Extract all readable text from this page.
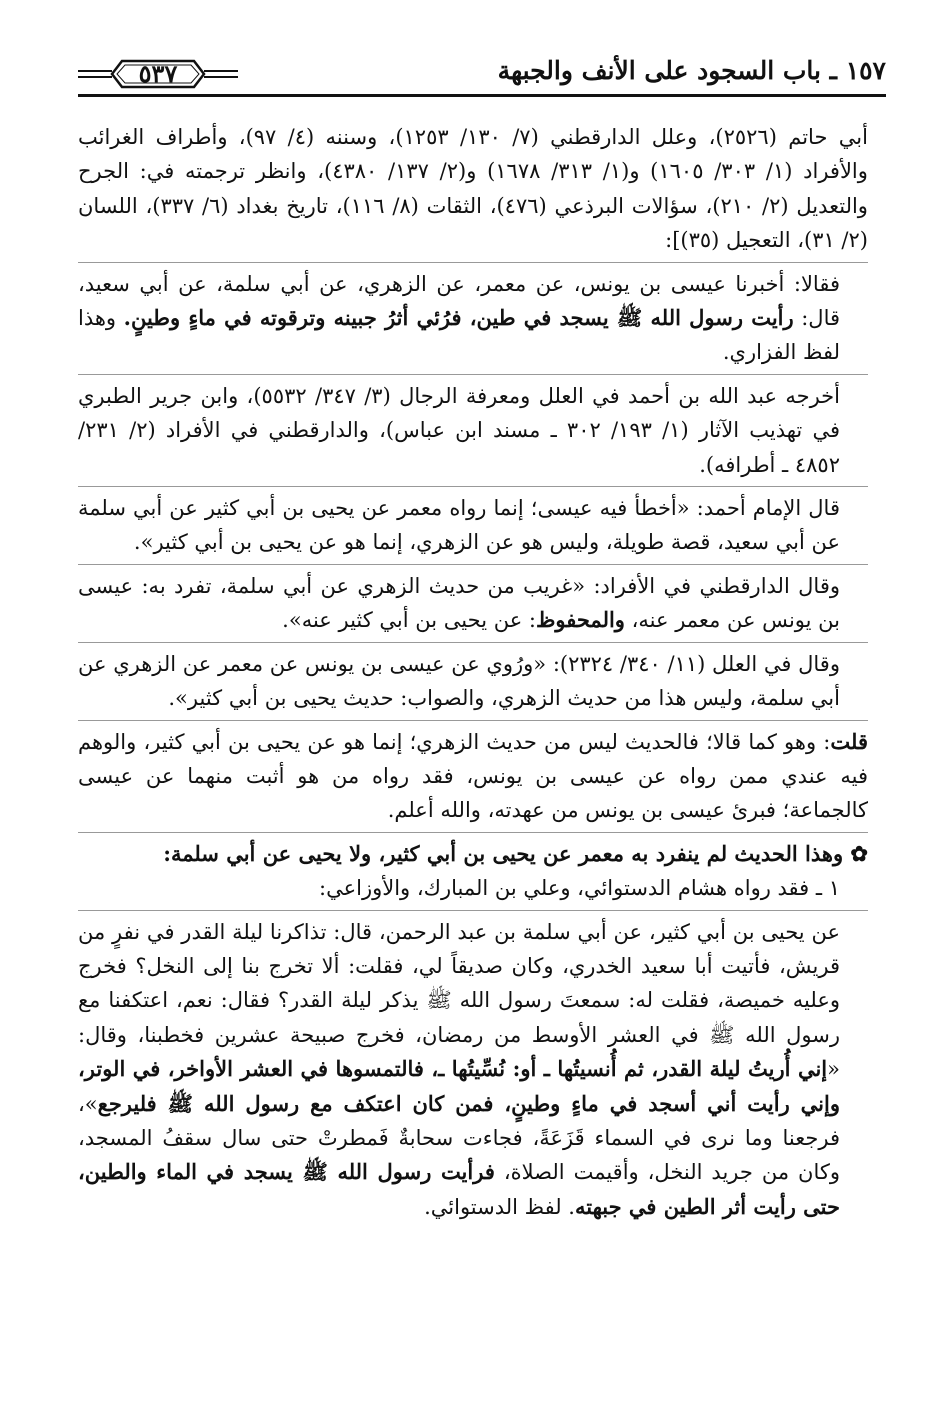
١٥٧ ـ باب السجود على الأنف والجبهة
٥٣٧

أبي حاتم (٢٥٢٦)، وعلل الدارقطني (٧/ ١٣٠/ ١٢٥٣)، وسننه (٤/ ٩٧)، وأطراف الغرائب والأفراد (١/ ٣٠٣/ ١٦٠٥) و(١/ ٣١٣/ ١٦٧٨) و(٢/ ١٣٧/ ٤٣٨٠)، وانظر ترجمته في: الجرح والتعديل (٢/ ٢١٠)، سؤالات البرذعي (٤٧٦)، الثقات (٨/ ١١٦)، تاريخ بغداد (٦/ ٣٣٧)، اللسان (٢/ ٣١)، التعجيل (٣٥)]:

فقالا: أخبرنا عيسى بن يونس، عن معمر، عن الزهري، عن أبي سلمة، عن أبي سعيد، قال: رأيت رسول الله ﷺ يسجد في طين، فرُئي أثرُ جبينه وترقوته في ماءٍ وطينٍ. وهذا لفظ الفزاري.

أخرجه عبد الله بن أحمد في العلل ومعرفة الرجال (٣/ ٣٤٧/ ٥٥٣٢)، وابن جرير الطبري في تهذيب الآثار (١/ ١٩٣/ ٣٠٢ ـ مسند ابن عباس)، والدارقطني في الأفراد (٢/ ٢٣١/ ٤٨٥٢ ـ أطرافه).

قال الإمام أحمد: «أخطأ فيه عيسى؛ إنما رواه معمر عن يحيى بن أبي كثير عن أبي سلمة عن أبي سعيد، قصة طويلة، وليس هو عن الزهري، إنما هو عن يحيى بن أبي كثير».

وقال الدارقطني في الأفراد: «غريب من حديث الزهري عن أبي سلمة، تفرد به: عيسى بن يونس عن معمر عنه، والمحفوظ: عن يحيى بن أبي كثير عنه».

وقال في العلل (١١/ ٣٤٠/ ٢٣٢٤): «ورُوي عن عيسى بن يونس عن معمر عن الزهري عن أبي سلمة، وليس هذا من حديث الزهري، والصواب: حديث يحيى بن أبي كثير».

قلت: وهو كما قالا؛ فالحديث ليس من حديث الزهري؛ إنما هو عن يحيى بن أبي كثير، والوهم فيه عندي ممن رواه عن عيسى بن يونس، فقد رواه من هو أثبت منهما عن عيسى كالجماعة؛ فبرئ عيسى بن يونس من عهدته، والله أعلم.

✿ وهذا الحديث لم ينفرد به معمر عن يحيى بن أبي كثير، ولا يحيى عن أبي سلمة:

١ ـ فقد رواه هشام الدستوائي، وعلي بن المبارك، والأوزاعي:

عن يحيى بن أبي كثير، عن أبي سلمة بن عبد الرحمن، قال: تذاكرنا ليلة القدر في نفرٍ من قريش، فأتيت أبا سعيد الخدري، وكان صديقاً لي، فقلت: ألا تخرج بنا إلى النخل؟ فخرج وعليه خميصة، فقلت له: سمعتَ رسول الله ﷺ يذكر ليلة القدر؟ فقال: نعم، اعتكفنا مع رسول الله ﷺ في العشر الأوسط من رمضان، فخرج صبيحة عشرين فخطبنا، وقال: «إني أُريتُ ليلة القدر، ثم أُنسيتُها ـ أو: نُسِّيتُها ـ، فالتمسوها في العشر الأواخر، في الوتر، وإني رأيت أني أسجد في ماءٍ وطينٍ، فمن كان اعتكف مع رسول الله ﷺ فليرجع»، فرجعنا وما نرى في السماء قَزَعَةً، فجاءت سحابةٌ فَمطرتْ حتى سال سقفُ المسجد، وكان من جريد النخل، وأقيمت الصلاة، فرأيت رسول الله ﷺ يسجد في الماء والطين، حتى رأيت أثر الطين في جبهته. لفظ الدستوائي.
